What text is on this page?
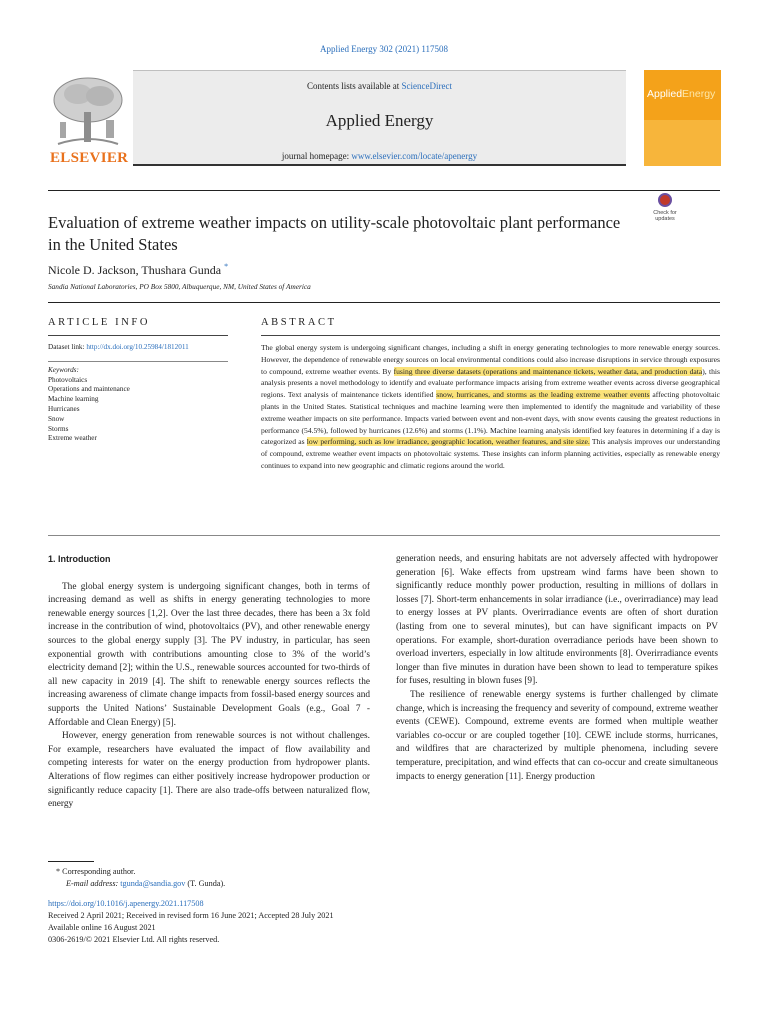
Applied Energy 302 (2021) 117508
ELSEVIER
Contents lists available at ScienceDirect
Applied Energy
journal homepage: www.elsevier.com/locate/apenergy
AppliedEnergy
Evaluation of extreme weather impacts on utility-scale photovoltaic plant performance in the United States
Check for updates
Nicole D. Jackson, Thushara Gunda *
Sandia National Laboratories, PO Box 5800, Albuquerque, NM, United States of America
ARTICLE INFO	ABSTRACT
Dataset link: http://dx.doi.org/10.25984/1812011
Keywords:
Photovoltaics
Operations and maintenance
Machine learning
Hurricanes
Snow
Storms
Extreme weather
The global energy system is undergoing significant changes, including a shift in energy generating technologies to more renewable energy sources. However, the dependence of renewable energy sources on local environmental conditions could also increase disruptions in service through exposures to compound, extreme weather events. By fusing three diverse datasets (operations and maintenance tickets, weather data, and production data), this analysis presents a novel methodology to identify and evaluate performance impacts arising from extreme weather events across diverse geographical regions. Text analysis of maintenance tickets identified snow, hurricanes, and storms as the leading extreme weather events affecting photovoltaic plants in the United States. Statistical techniques and machine learning were then implemented to identify the magnitude and variability of these extreme weather impacts on site performance. Impacts varied between event and non-event days, with snow events causing the greatest reductions in performance (54.5%), followed by hurricanes (12.6%) and storms (1.1%). Machine learning analysis identified key features in determining if a day is categorized as low performing, such as low irradiance, geographic location, weather features, and site size. This analysis improves our understanding of compound, extreme weather event impacts on photovoltaic systems. These insights can inform planning activities, especially as renewable energy continues to expand into new geographic and climatic regions around the world.
1. Introduction

The global energy system is undergoing significant changes, both in terms of increasing demand as well as shifts in energy generating technologies to more renewable energy sources [1,2]. Over the last three decades, there has been a 3x fold increase in the contribution of wind, photovoltaics (PV), and other renewable energy sources to the global energy supply [3]. The PV industry, in particular, has seen exponential growth with contributions amounting close to 3% of the world’s electricity demand [2]; within the U.S., renewable sources accounted for two-thirds of all new capacity in 2019 [4]. The shift to renewable energy sources reflects the increasing awareness of climate change impacts from fossil-based energy sources and supports the United Nations’ Sustainable Development Goals (e.g., Goal 7 - Affordable and Clean Energy) [5].

However, energy generation from renewable sources is not without challenges. For example, researchers have evaluated the impact of flow availability and competing interests for water on the energy production from hydropower plants. Alterations of flow regimes can either positively increase hydropower production or significantly reduce capacity [1]. There are also trade-offs between naturalized flow, energy

generation needs, and ensuring habitats are not adversely affected with hydropower generation [6]. Wake effects from upstream wind farms have been shown to significantly reduce monthly power production, resulting in millions of dollars in losses [7]. Short-term enhancements in solar irradiance (i.e., overirradiance) may lead to energy losses at PV plants. Overirradiance events are often of short duration (lasting from one to several minutes), but can have significant impacts on PV operations. For example, short-duration overradiance periods have been shown to overload inverters, especially in low altitude environments [8]. Overirradiance events longer than five minutes in duration have been shown to lead to temperature spikes for fuses, resulting in blown fuses [9].

The resilience of renewable energy systems is further challenged by climate change, which is increasing the frequency and severity of compound, extreme weather events (CEWE). Compound, extreme events are formed when multiple weather variables co-occur or are coupled together [10]. CEWE include storms, hurricanes, and wildfires that are characterized by multiple phenomena, including severe temperature, precipitation, and wind effects that can co-occur and create simultaneous impacts to energy generation [11]. Energy production

* Corresponding author.
E-mail address: tgunda@sandia.gov (T. Gunda).
https://doi.org/10.1016/j.apenergy.2021.117508
Received 2 April 2021; Received in revised form 16 June 2021; Accepted 28 July 2021
Available online 16 August 2021
0306-2619/© 2021 Elsevier Ltd. All rights reserved.
